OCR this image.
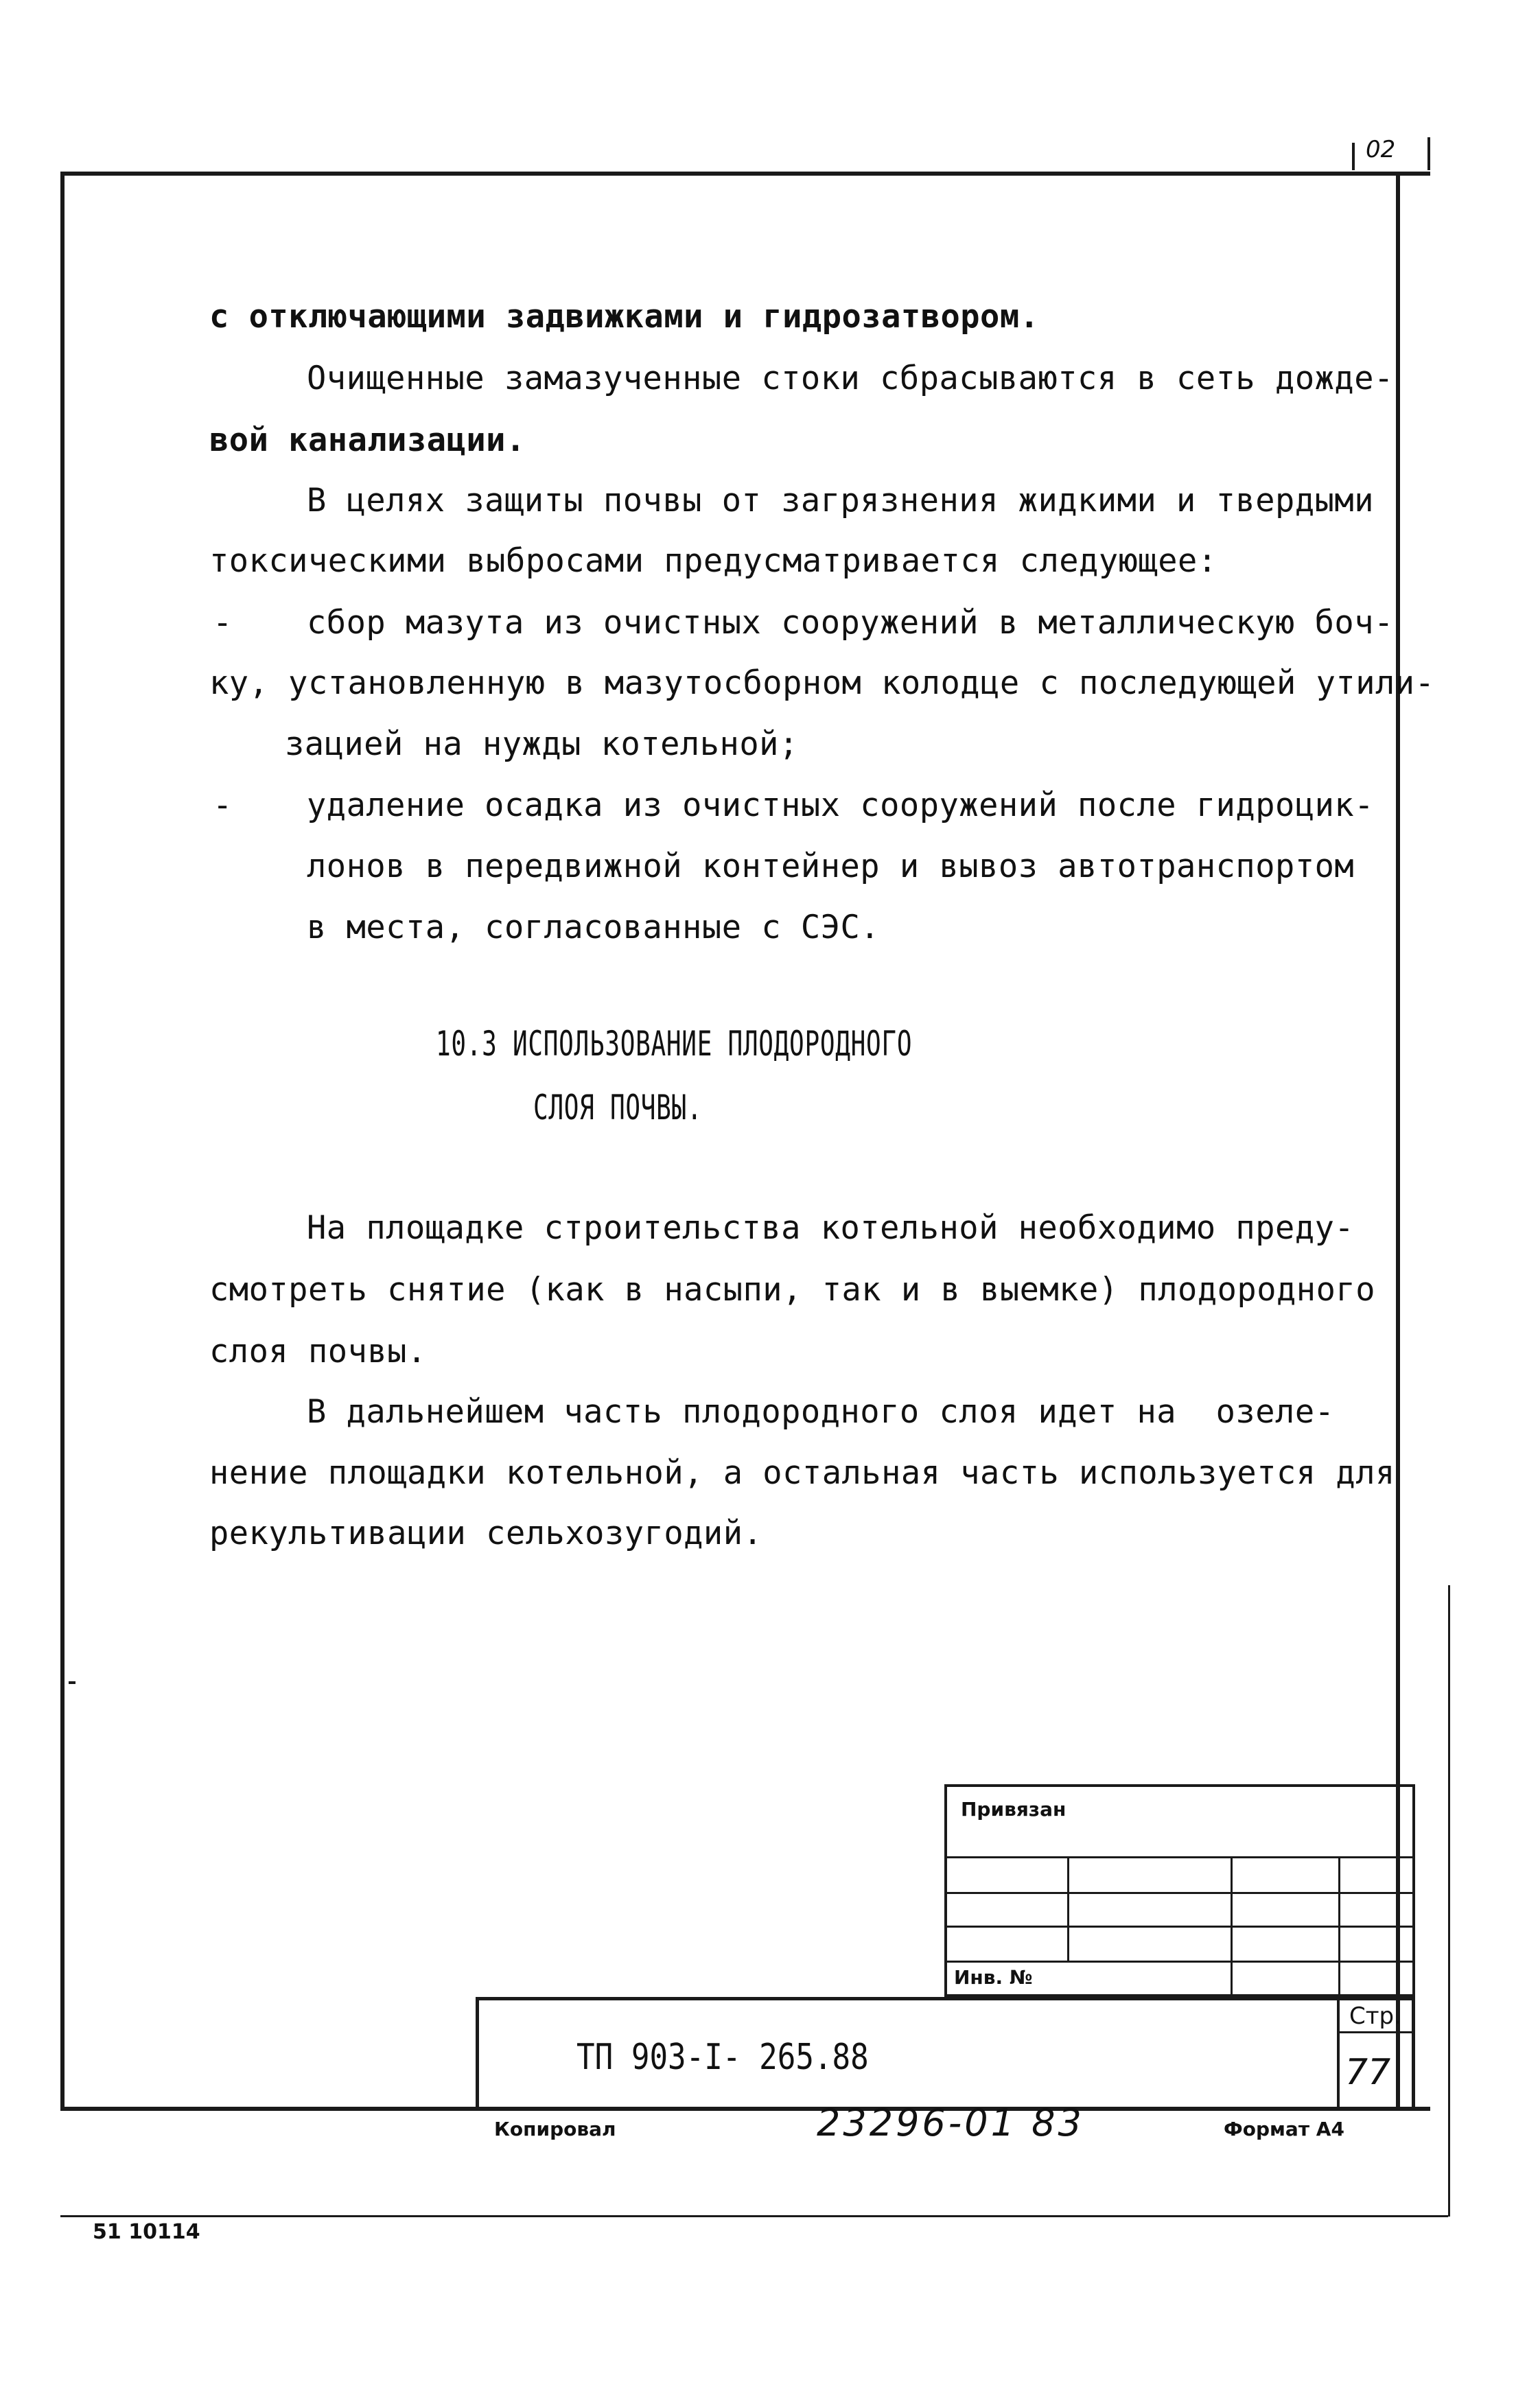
02
с отключающими задвижками и гидрозатвором.
Очищенные замазученные стоки сбрасываются в сеть дожде-
вой канализации.
В целях защиты почвы от загрязнения жидкими и твердыми
токсическими выбросами предусматривается следующее:
- сбор мазута из очистных сооружений в металлическую боч-
ку, установленную в мазутосборном колодце с последующей утили-
зацией на нужды котельной;
- удаление осадка из очистных сооружений после гидроцик-
лонов в передвижной контейнер и вывоз автотранспортом
в места, согласованные с СЭС.
10.3 ИСПОЛЬЗОВАНИЕ ПЛОДОРОДНОГО
СЛОЯ ПОЧВЫ.
На площадке строительства котельной необходимо преду-
смотреть снятие (как в насыпи, так и в выемке) плодородного
слоя почвы.
В дальнейшем часть плодородного слоя идет на  озеле-
нение площадки котельной, а остальная часть используется для
рекультивации сельхозугодий.
Привязан
Инв. №
ТП 903-I- 265.88
Стр.
77
Копировал	23296-01 83	Формат А4
51 10114
